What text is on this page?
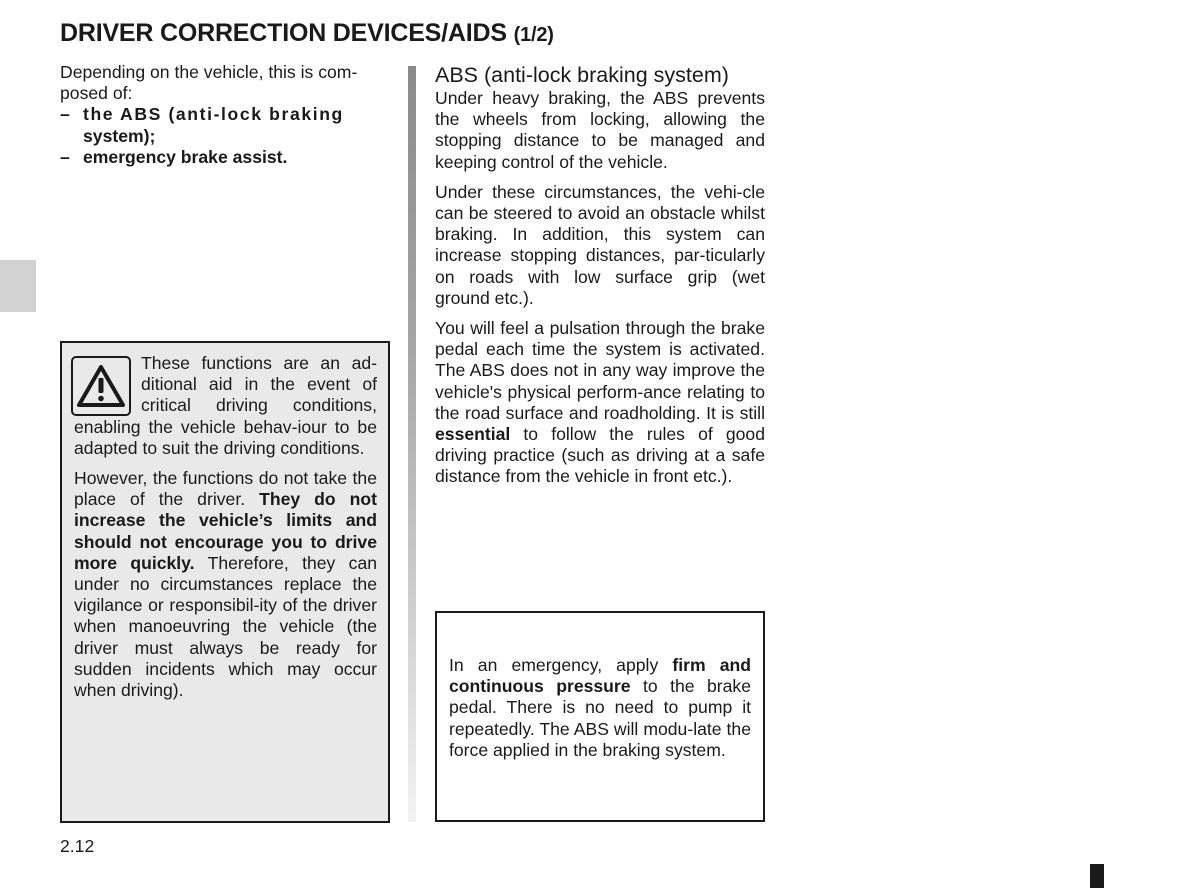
DRIVER CORRECTION DEVICES/AIDS (1/2)

Depending on the vehicle, this is com-
posed of:

– the ABS (anti-lock braking
system);
– emergency brake assist.

These functions are an ad-ditional aid in the event of critical driving conditions, enabling the vehicle behav-iour to be adapted to suit the driving conditions.

However, the functions do not take the place of the driver. They do not increase the vehicle’s limits and should not encourage you to drive more quickly. Therefore, they can under no circumstances replace the vigilance or responsibil-ity of the driver when manoeuvring the vehicle (the driver must always be ready for sudden incidents which may occur when driving).

ABS (anti-lock braking system)

Under heavy braking, the ABS prevents the wheels from locking, allowing the stopping distance to be managed and keeping control of the vehicle.

Under these circumstances, the vehi-cle can be steered to avoid an obstacle whilst braking. In addition, this system can increase stopping distances, par-ticularly on roads with low surface grip (wet ground etc.).

You will feel a pulsation through the brake pedal each time the system is activated. The ABS does not in any way improve the vehicle's physical perform-ance relating to the road surface and roadholding. It is still essential to follow the rules of good driving practice (such as driving at a safe distance from the vehicle in front etc.).

In an emergency, apply firm and continuous pressure to the brake pedal. There is no need to pump it repeatedly. The ABS will modu-late the force applied in the braking system.

2.12
